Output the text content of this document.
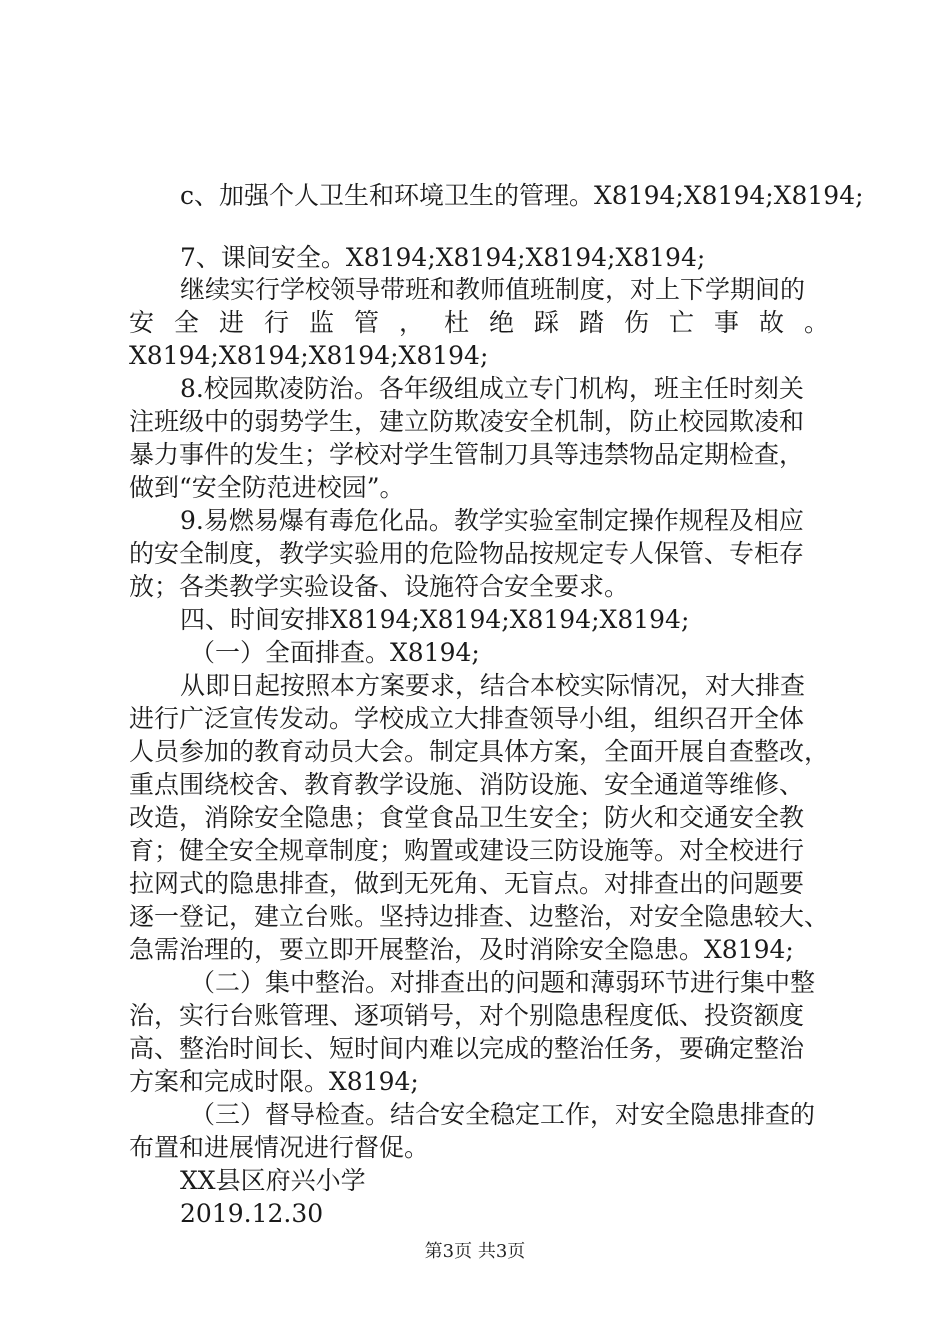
c、加强个人卫生和环境卫生的管理。X8194;X8194;X8194;

7、课间安全。X8194;X8194;X8194;X8194;

继续实行学校领导带班和教师值班制度，对上下学期间的

安全进行监管，杜绝踩踏伤亡事故。

X8194;X8194;X8194;X8194;

8.校园欺凌防治。各年级组成立专门机构，班主任时刻关

注班级中的弱势学生，建立防欺凌安全机制，防止校园欺凌和

暴力事件的发生；学校对学生管制刀具等违禁物品定期检查，

做到“安全防范进校园”。

9.易燃易爆有毒危化品。教学实验室制定操作规程及相应

的安全制度，教学实验用的危险物品按规定专人保管、专柜存

放；各类教学实验设备、设施符合安全要求。

四、时间安排X8194;X8194;X8194;X8194;

（一）全面排查。X8194;

从即日起按照本方案要求，结合本校实际情况，对大排查

进行广泛宣传发动。学校成立大排查领导小组，组织召开全体

人员参加的教育动员大会。制定具体方案，全面开展自查整改，

重点围绕校舍、教育教学设施、消防设施、安全通道等维修、

改造，消除安全隐患；食堂食品卫生安全；防火和交通安全教

育；健全安全规章制度；购置或建设三防设施等。对全校进行

拉网式的隐患排查，做到无死角、无盲点。对排查出的问题要

逐一登记，建立台账。坚持边排查、边整治，对安全隐患较大、

急需治理的，要立即开展整治，及时消除安全隐患。X8194;

（二）集中整治。对排查出的问题和薄弱环节进行集中整

治，实行台账管理、逐项销号，对个别隐患程度低、投资额度

高、整治时间长、短时间内难以完成的整治任务，要确定整治

方案和完成时限。X8194;

（三）督导检查。结合安全稳定工作，对安全隐患排查的

布置和进展情况进行督促。

XX县区府兴小学

2019.12.30

第3页 共3页
